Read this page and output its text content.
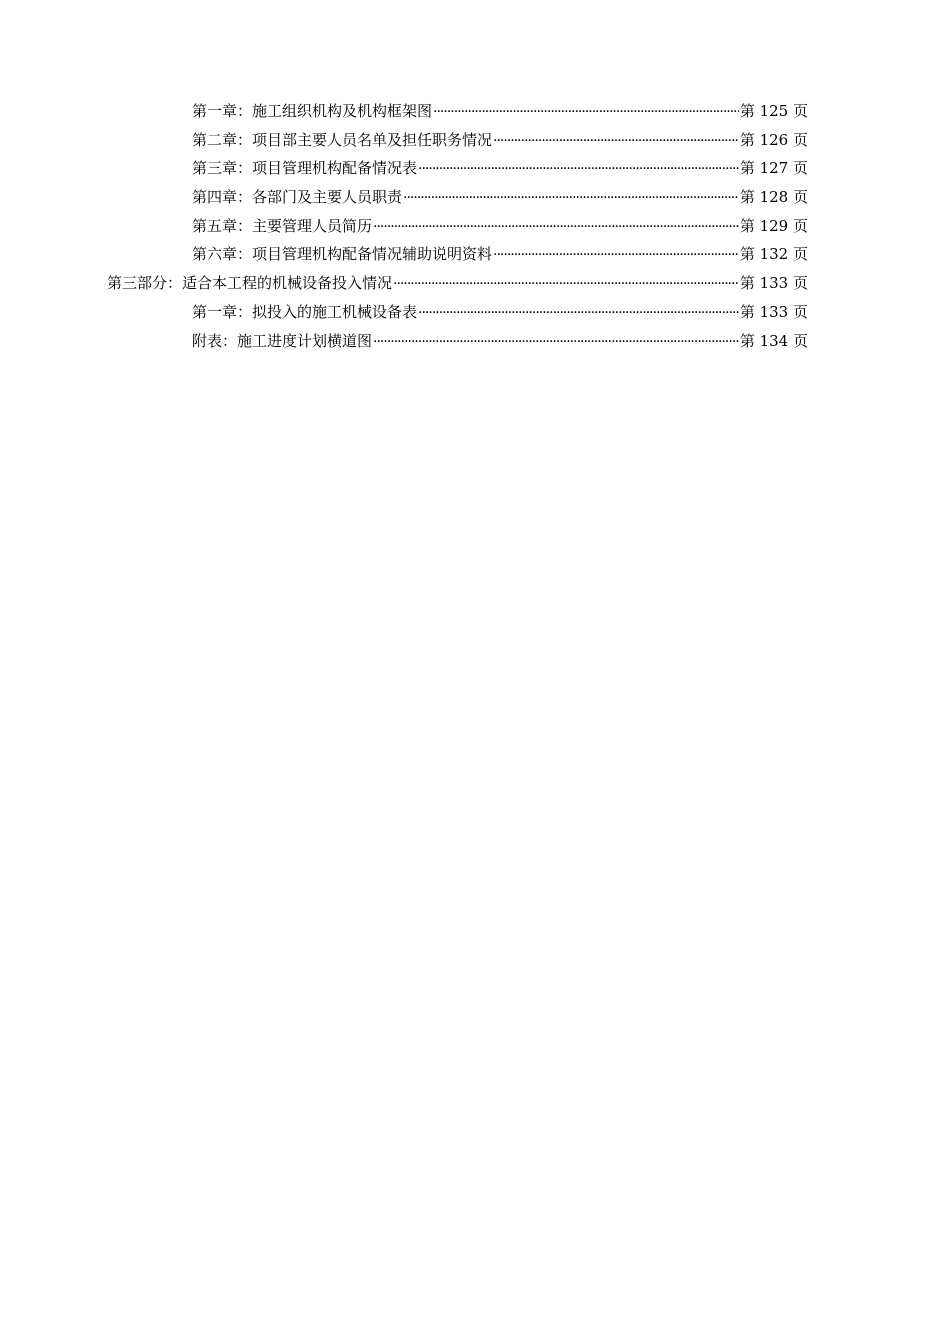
第一章：施工组织机构及机构框架图 ·····	第 125 页
第二章：项目部主要人员名单及担任职务情况 ·····	第 126 页
第三章：项目管理机构配备情况表 ·····	第 127 页
第四章：各部门及主要人员职责 ·····	第 128 页
第五章：主要管理人员简历 ·····	第 129 页
第六章：项目管理机构配备情况辅助说明资料 ·····	第 132 页
第三部分：适合本工程的机械设备投入情况 ·····	第 133 页
第一章：拟投入的施工机械设备表 ·····	第 133 页
附表：施工进度计划横道图 ·····	第 134 页
